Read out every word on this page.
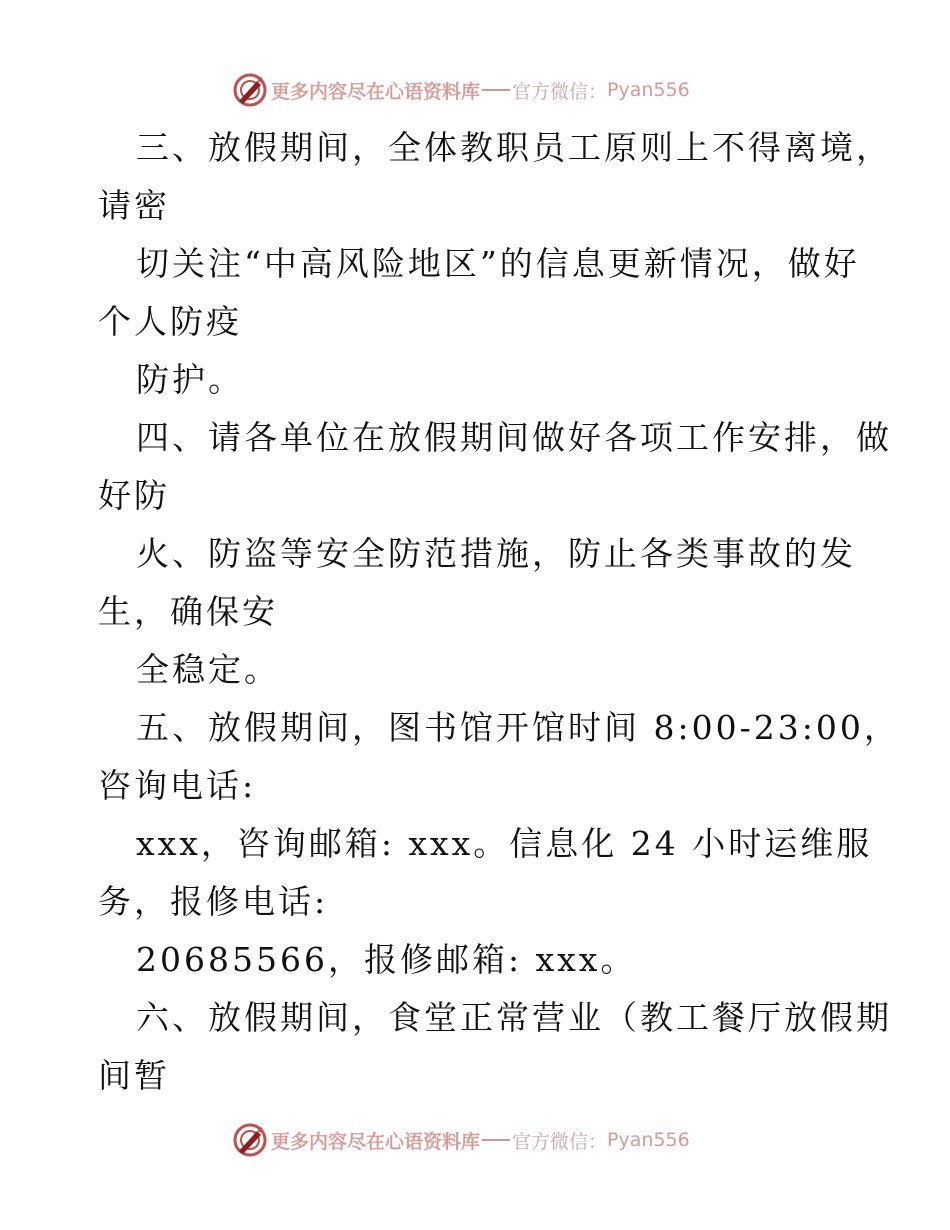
更多内容尽在心语资料库 官方微信： Pyan556
三、放假期间，全体教职员工原则上不得离境，
请密
切关注“中高风险地区”的信息更新情况，做好
个人防疫
防护。
四、请各单位在放假期间做好各项工作安排，做
好防
火、防盗等安全防范措施，防止各类事故的发
生，确保安
全稳定。
五、放假期间，图书馆开馆时间 8:00-23:00，
咨询电话:
xxx，咨询邮箱: xxx。信息化 24 小时运维服
务，报修电话:
20685566，报修邮箱: xxx。
六、放假期间，食堂正常营业（教工餐厅放假期
间暂
更多内容尽在心语资料库 官方微信： Pyan556
